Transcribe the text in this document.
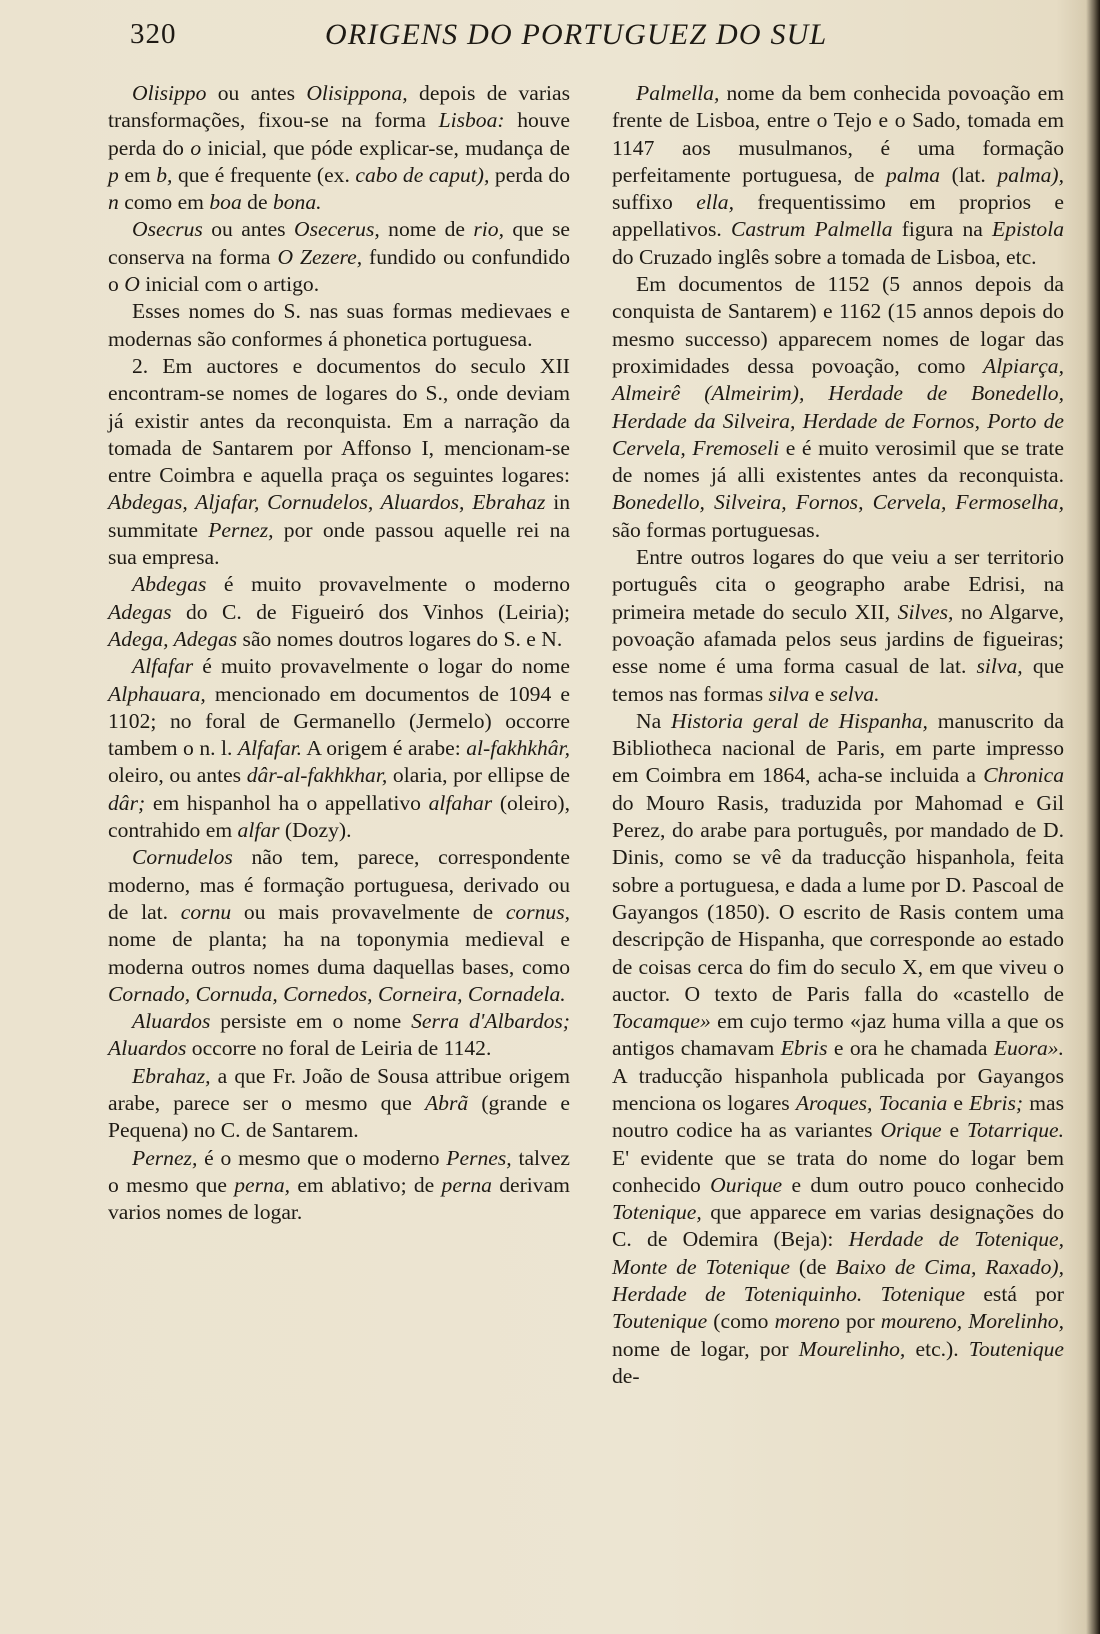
320	ORIGENS DO PORTUGUEZ DO SUL

Olisippo ou antes Olisippona, depois de varias transformações, fixou-se na forma Lisboa: houve perda do o inicial, que póde explicar-se, mudança de p em b, que é frequente (ex. cabo de caput), perda do n como em boa de bona.

Osecrus ou antes Osecerus, nome de rio, que se conserva na forma O Zezere, fundido ou confundido o O inicial com o artigo.

Esses nomes do S. nas suas formas medievaes e modernas são conformes á phonetica portuguesa.

2. Em auctores e documentos do seculo XII encontram-se nomes de logares do S., onde deviam já existir antes da reconquista. Em a narração da tomada de Santarem por Affonso I, mencionam-se entre Coimbra e aquella praça os seguintes logares: Abdegas, Aljafar, Cornudelos, Aluardos, Ebrahaz in summitate Pernez, por onde passou aquelle rei na sua empresa.

Abdegas é muito provavelmente o moderno Adegas do C. de Figueiró dos Vinhos (Leiria); Adega, Adegas são nomes doutros logares do S. e N.

Alfafar é muito provavelmente o logar do nome Alphauara, mencionado em documentos de 1094 e 1102; no foral de Germanello (Jermelo) occorre tambem o n. l. Alfafar. A origem é arabe: al-fakhkhâr, oleiro, ou antes dâr-al-fakhkhar, olaria, por ellipse de dâr; em hispanhol ha o appellativo alfahar (oleiro), contrahido em alfar (Dozy).

Cornudelos não tem, parece, correspondente moderno, mas é formação portuguesa, derivado ou de lat. cornu ou mais provavelmente de cornus, nome de planta; ha na toponymia medieval e moderna outros nomes duma daquellas bases, como Cornado, Cornuda, Cornedos, Corneira, Cornadela.

Aluardos persiste em o nome Serra d'Albardos; Aluardos occorre no foral de Leiria de 1142.

Ebrahaz, a que Fr. João de Sousa attribue origem arabe, parece ser o mesmo que Abrã (grande e Pequena) no C. de Santarem.

Pernez, é o mesmo que o moderno Pernes, talvez o mesmo que perna, em ablativo; de perna derivam varios nomes de logar.

Palmella, nome da bem conhecida povoação em frente de Lisboa, entre o Tejo e o Sado, tomada em 1147 aos musulmanos, é uma formação perfeitamente portuguesa, de palma (lat. palma), suffixo ella, frequentissimo em proprios e appellativos. Castrum Palmella figura na Epistola do Cruzado inglês sobre a tomada de Lisboa, etc.

Em documentos de 1152 (5 annos depois da conquista de Santarem) e 1162 (15 annos depois do mesmo successo) apparecem nomes de logar das proximidades dessa povoação, como Alpiarça, Almeirê (Almeirim), Herdade de Bonedello, Herdade da Silveira, Herdade de Fornos, Porto de Cervela, Fremoseli e é muito verosimil que se trate de nomes já alli existentes antes da reconquista. Bonedello, Silveira, Fornos, Cervela, Fermoselha, são formas portuguesas.

Entre outros logares do que veiu a ser territorio português cita o geographo arabe Edrisi, na primeira metade do seculo XII, Silves, no Algarve, povoação afamada pelos seus jardins de figueiras; esse nome é uma forma casual de lat. silva, que temos nas formas silva e selva.

Na Historia geral de Hispanha, manuscrito da Bibliotheca nacional de Paris, em parte impresso em Coimbra em 1864, acha-se incluida a Chronica do Mouro Rasis, traduzida por Mahomad e Gil Perez, do arabe para português, por mandado de D. Dinis, como se vê da traducção hispanhola, feita sobre a portuguesa, e dada a lume por D. Pascoal de Gayangos (1850). O escrito de Rasis contem uma descripção de Hispanha, que corresponde ao estado de coisas cerca do fim do seculo X, em que viveu o auctor. O texto de Paris falla do «castello de Tocamque» em cujo termo «jaz huma villa a que os antigos chamavam Ebris e ora he chamada Euora». A traducção hispanhola publicada por Gayangos menciona os logares Aroques, Tocania e Ebris; mas noutro codice ha as variantes Orique e Totarrique. E' evidente que se trata do nome do logar bem conhecido Ourique e dum outro pouco conhecido Totenique, que apparece em varias designações do C. de Odemira (Beja): Herdade de Totenique, Monte de Totenique (de Baixo de Cima, Raxado), Herdade de Toteniquinho. Totenique está por Toutenique (como moreno por moureno, Morelinho, nome de logar, por Mourelinho, etc.). Toutenique de-
